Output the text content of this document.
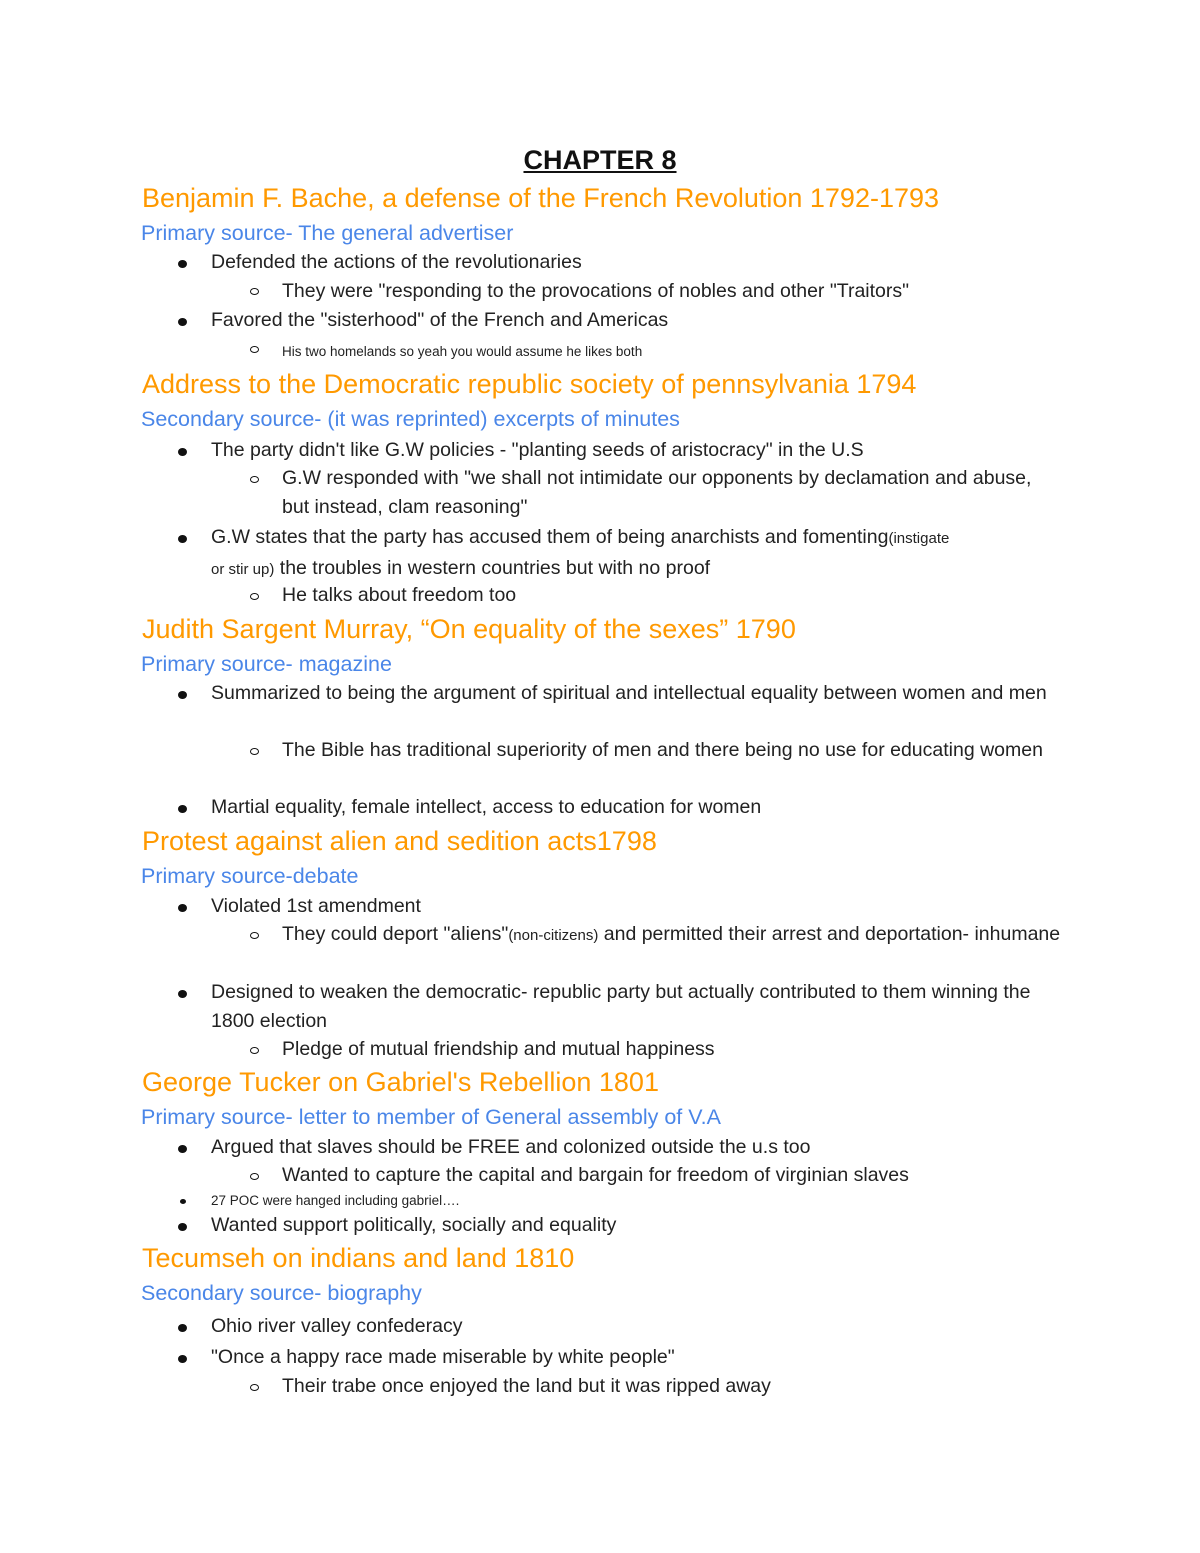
CHAPTER 8
Benjamin F. Bache, a defense of the French Revolution 1792-1793
Primary source- The general advertiser
Defended the actions of the revolutionaries
They were "responding to the provocations of nobles and other "Traitors"
Favored the "sisterhood" of the French and Americas
His two homelands so yeah you would assume he likes both
Address to the Democratic republic society of pennsylvania 1794
Secondary source- (it was reprinted) excerpts of minutes
The party didn't like G.W policies - "planting seeds of aristocracy" in the U.S
G.W responded with "we shall not intimidate our opponents by declamation and abuse, but instead, clam reasoning"
G.W states that the party has accused them of being anarchists and fomenting(instigate
or stir up) the troubles in western countries but with no proof
He talks about freedom too
Judith Sargent Murray, “On equality of the sexes” 1790
Primary source- magazine
Summarized to being the argument of spiritual and intellectual equality between women and men
The Bible has traditional superiority of men and there being no use for educating women
Martial equality, female intellect, access to education for women
Protest against alien and sedition acts1798
Primary source-debate
Violated 1st amendment
They could deport "aliens"(non-citizens) and permitted their arrest and deportation- inhumane
Designed to weaken the democratic- republic party but actually contributed to them winning the 1800 election
Pledge of mutual friendship and mutual happiness
George Tucker on Gabriel's Rebellion 1801
Primary source- letter to member of General assembly of V.A
Argued that slaves should be FREE and colonized outside the u.s too
Wanted to capture the capital and bargain for freedom of virginian slaves
27 POC were hanged including gabriel….
Wanted support politically, socially and equality
Tecumseh on indians and land 1810
Secondary source- biography
Ohio river valley confederacy
"Once a happy race made miserable by white people"
Their trabe once enjoyed the land but it was ripped away
